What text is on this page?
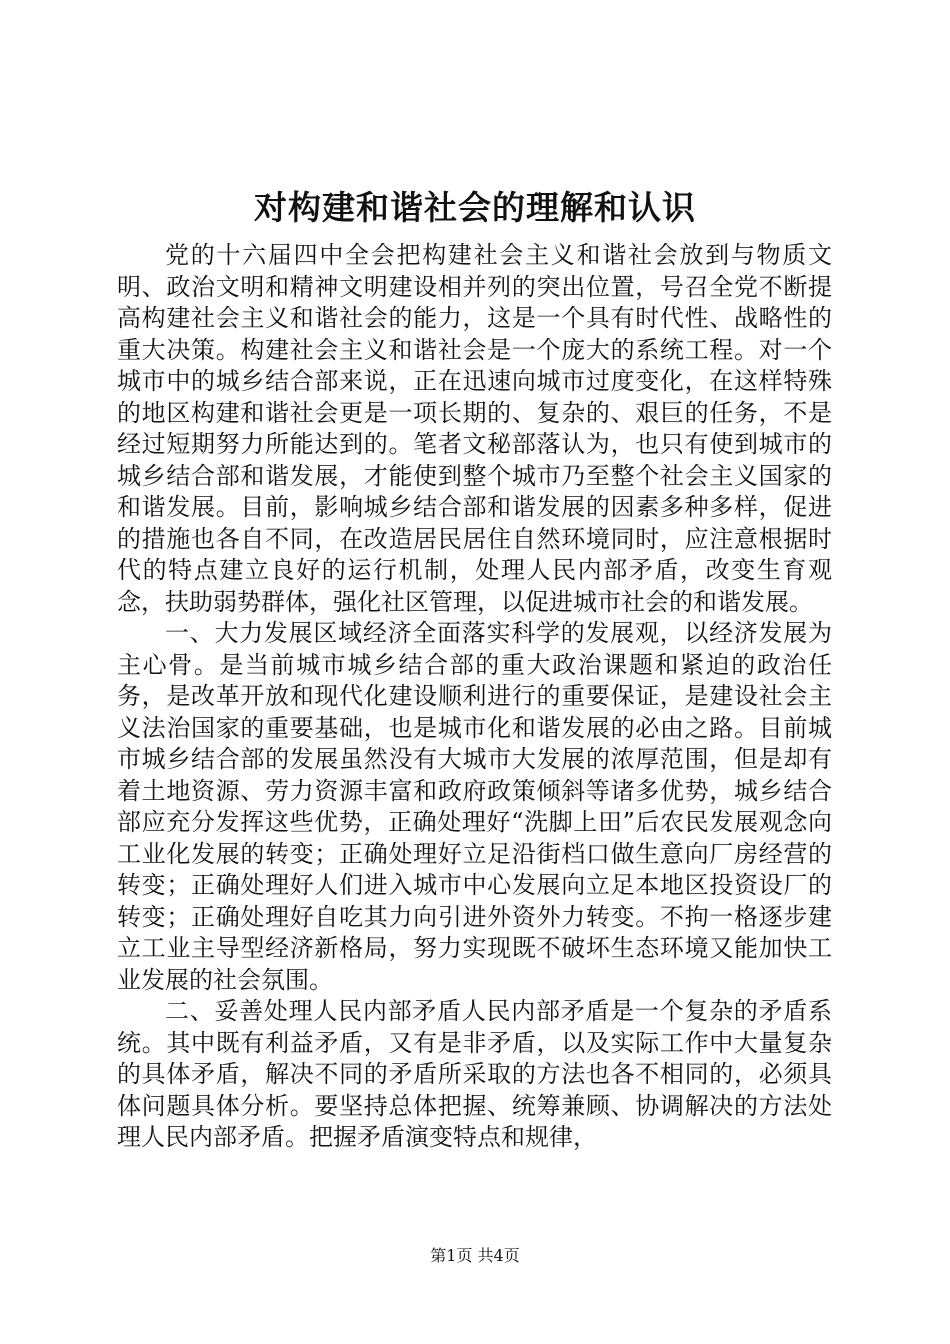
对构建和谐社会的理解和认识

党的十六届四中全会把构建社会主义和谐社会放到与物质文明、政治文明和精神文明建设相并列的突出位置，号召全党不断提高构建社会主义和谐社会的能力，这是一个具有时代性、战略性的重大决策。构建社会主义和谐社会是一个庞大的系统工程。对一个城市中的城乡结合部来说，正在迅速向城市过度变化，在这样特殊的地区构建和谐社会更是一项长期的、复杂的、艰巨的任务，不是经过短期努力所能达到的。笔者文秘部落认为，也只有使到城市的城乡结合部和谐发展，才能使到整个城市乃至整个社会主义国家的和谐发展。目前，影响城乡结合部和谐发展的因素多种多样，促进的措施也各自不同，在改造居民居住自然环境同时，应注意根据时代的特点建立良好的运行机制，处理人民内部矛盾，改变生育观念，扶助弱势群体，强化社区管理，以促进城市社会的和谐发展。

一、大力发展区域经济全面落实科学的发展观，以经济发展为主心骨。是当前城市城乡结合部的重大政治课题和紧迫的政治任务，是改革开放和现代化建设顺利进行的重要保证，是建设社会主义法治国家的重要基础，也是城市化和谐发展的必由之路。目前城市城乡结合部的发展虽然没有大城市大发展的浓厚范围，但是却有着土地资源、劳力资源丰富和政府政策倾斜等诸多优势，城乡结合部应充分发挥这些优势，正确处理好“洗脚上田”后农民发展观念向工业化发展的转变；正确处理好立足沿街档口做生意向厂房经营的转变；正确处理好人们进入城市中心发展向立足本地区投资设厂的转变；正确处理好自吃其力向引进外资外力转变。不拘一格逐步建立工业主导型经济新格局，努力实现既不破坏生态环境又能加快工业发展的社会氛围。

二、妥善处理人民内部矛盾人民内部矛盾是一个复杂的矛盾系统。其中既有利益矛盾，又有是非矛盾，以及实际工作中大量复杂的具体矛盾，解决不同的矛盾所采取的方法也各不相同的，必须具体问题具体分析。要坚持总体把握、统筹兼顾、协调解决的方法处理人民内部矛盾。把握矛盾演变特点和规律，

第1页 共4页
